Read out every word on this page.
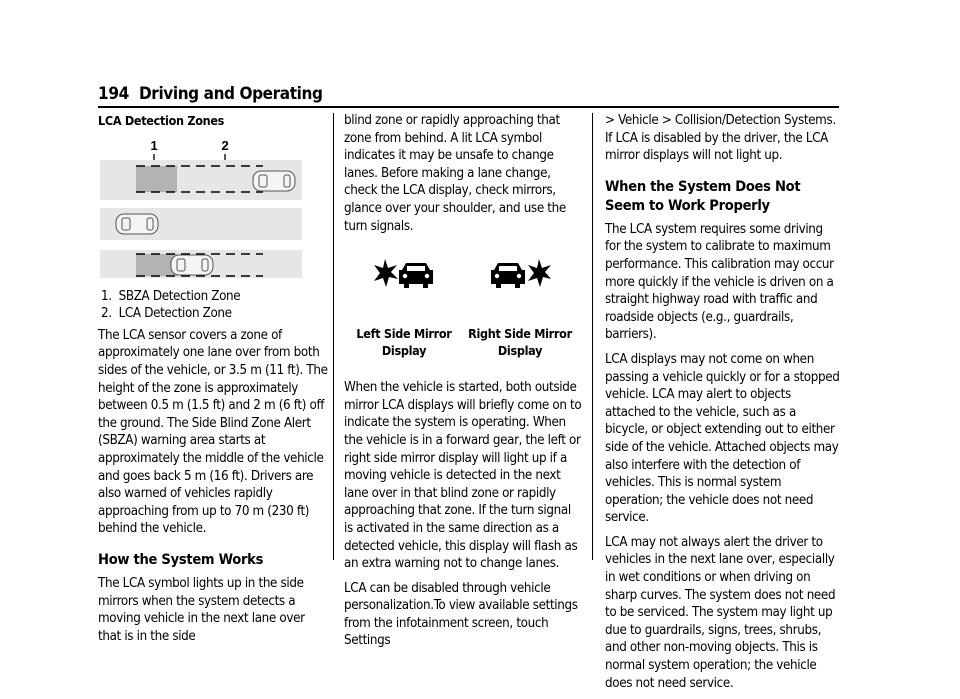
194 Driving and Operating
LCA Detection Zones
1	2
1.  SBZA Detection Zone
2.  LCA Detection Zone

The LCA sensor covers a zone of approximately one lane over from both sides of the vehicle, or 3.5 m (11 ft). The height of the zone is approximately between 0.5 m (1.5 ft) and 2 m (6 ft) off the ground. The Side Blind Zone Alert (SBZA) warning area starts at approximately the middle of the vehicle and goes back 5 m (16 ft). Drivers are also warned of vehicles rapidly approaching from up to 70 m (230 ft) behind the vehicle.

How the System Works

The LCA symbol lights up in the side mirrors when the system detects a moving vehicle in the next lane over that is in the side

blind zone or rapidly approaching that zone from behind. A lit LCA symbol indicates it may be unsafe to change lanes. Before making a lane change, check the LCA display, check mirrors, glance over your shoulder, and use the turn signals.

Left Side Mirror Display
Right Side Mirror Display

When the vehicle is started, both outside mirror LCA displays will briefly come on to indicate the system is operating. When the vehicle is in a forward gear, the left or right side mirror display will light up if a moving vehicle is detected in the next lane over in that blind zone or rapidly approaching that zone. If the turn signal is activated in the same direction as a detected vehicle, this display will flash as an extra warning not to change lanes.

LCA can be disabled through vehicle personalization.To view available settings from the infotainment screen, touch Settings

> Vehicle > Collision/Detection Systems. If LCA is disabled by the driver, the LCA mirror displays will not light up.

When the System Does Not Seem to Work Properly

The LCA system requires some driving for the system to calibrate to maximum performance. This calibration may occur more quickly if the vehicle is driven on a straight highway road with traffic and roadside objects (e.g., guardrails, barriers).

LCA displays may not come on when passing a vehicle quickly or for a stopped vehicle. LCA may alert to objects attached to the vehicle, such as a bicycle, or object extending out to either side of the vehicle. Attached objects may also interfere with the detection of vehicles. This is normal system operation; the vehicle does not need service.

LCA may not always alert the driver to vehicles in the next lane over, especially in wet conditions or when driving on sharp curves. The system does not need to be serviced. The system may light up due to guardrails, signs, trees, shrubs, and other non-moving objects. This is normal system operation; the vehicle does not need service.
